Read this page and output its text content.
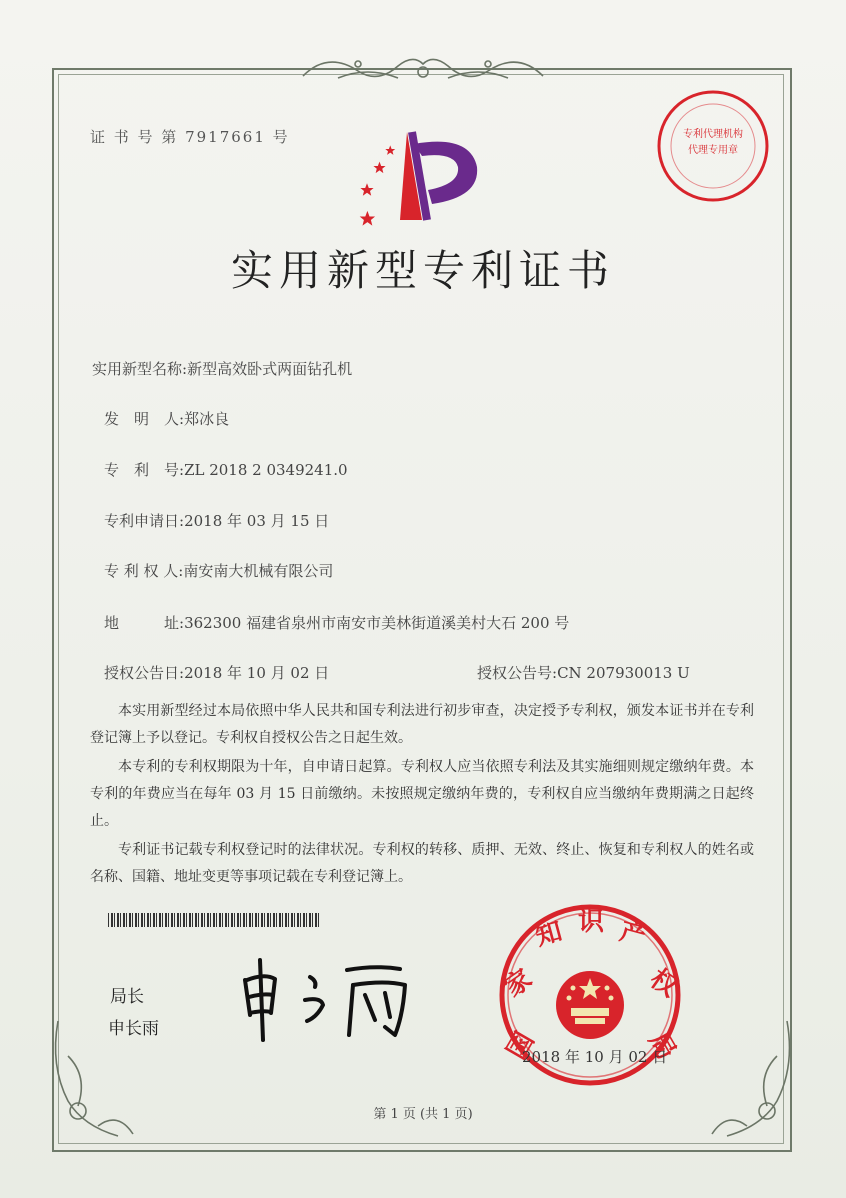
证 书 号 第 7917661 号
实用新型专利证书
实用新型名称:新型高效卧式两面钻孔机
发　明　人:郑冰良
专　利　号:ZL 2018 2 0349241.0
专利申请日:2018 年 03 月 15 日
专 利 权 人:南安南大机械有限公司
地　　　址:362300 福建省泉州市南安市美林街道溪美村大石 200 号
授权公告日:2018 年 10 月 02 日	授权公告号:CN 207930013 U

本实用新型经过本局依照中华人民共和国专利法进行初步审查，决定授予专利权，颁发本证书并在专利登记簿上予以登记。专利权自授权公告之日起生效。

本专利的专利权期限为十年，自申请日起算。专利权人应当依照专利法及其实施细则规定缴纳年费。本专利的年费应当在每年 03 月 15 日前缴纳。未按照规定缴纳年费的，专利权自应当缴纳年费期满之日起终止。

专利证书记载专利权登记时的法律状况。专利权的转移、质押、无效、终止、恢复和专利权人的姓名或名称、国籍、地址变更等事项记载在专利登记簿上。

局长
申长雨	国
家
知 识 产
权
局
2018 年 10 月 02 日
专利代理机构
代理专用章
第 1 页 (共 1 页)
